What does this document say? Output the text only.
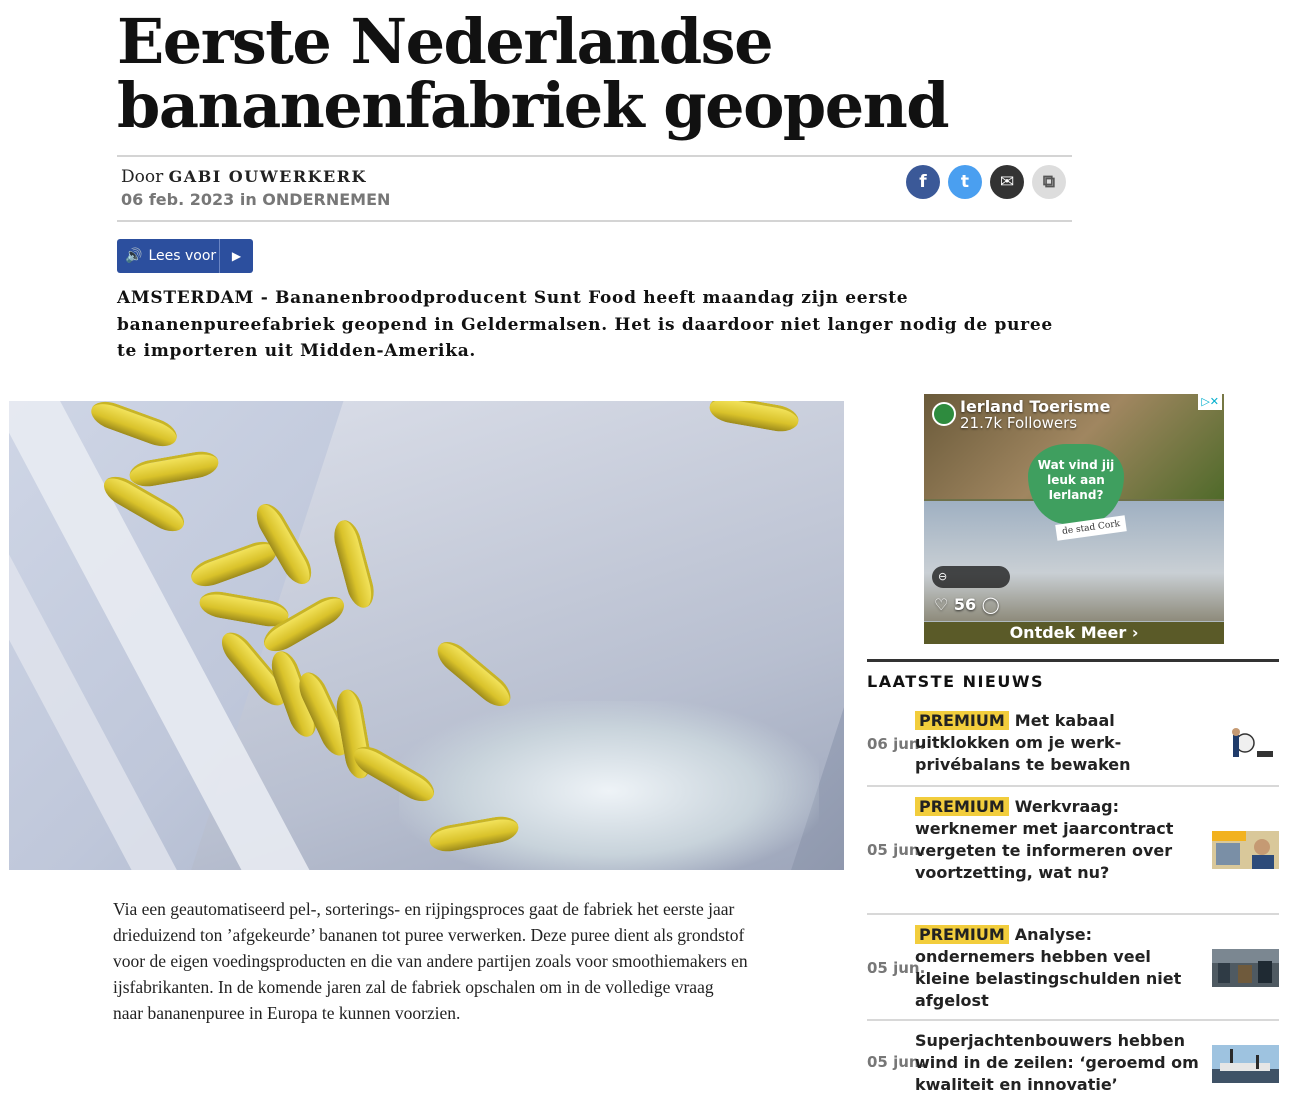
Eerste Nederlandse bananenfabriek geopend
Door GABI OUWERKERK
06 feb. 2023 in ONDERNEMEN
f t ✉ ⧉
🔊 Lees voor ▶

AMSTERDAM - Bananenbroodproducent Sunt Food heeft maandag zijn eerste bananenpureefabriek geopend in Geldermalsen. Het is daardoor niet langer nodig de puree te importeren uit Midden-Amerika.

Ierland Toerisme
21.7k Followers
▷✕
Wat vind jij leuk aan Ierland?
de stad Cork
⊖
♡ 56 ◯
Ontdek Meer ›
LAATSTE NIEUWS
06 jun.
PREMIUM Met kabaal uitklokken om je werk-privébalans te bewaken
05 jun.
PREMIUM Werkvraag: werknemer met jaarcontract vergeten te informeren over voortzetting, wat nu?
05 jun.
PREMIUM Analyse: ondernemers hebben veel kleine belastingschulden niet afgelost
05 jun.
Superjachtenbouwers hebben wind in de zeilen: ‘geroemd om kwaliteit en innovatie’

Via een geautomatiseerd pel-, sorterings- en rijpingsproces gaat de fabriek het eerste jaar drieduizend ton ’afgekeurde’ bananen tot puree verwerken. Deze puree dient als grondstof voor de eigen voedingsproducten en die van andere partijen zoals voor smoothiemakers en ijsfabrikanten. In de komende jaren zal de fabriek opschalen om in de volledige vraag naar bananenpuree in Europa te kunnen voorzien.
